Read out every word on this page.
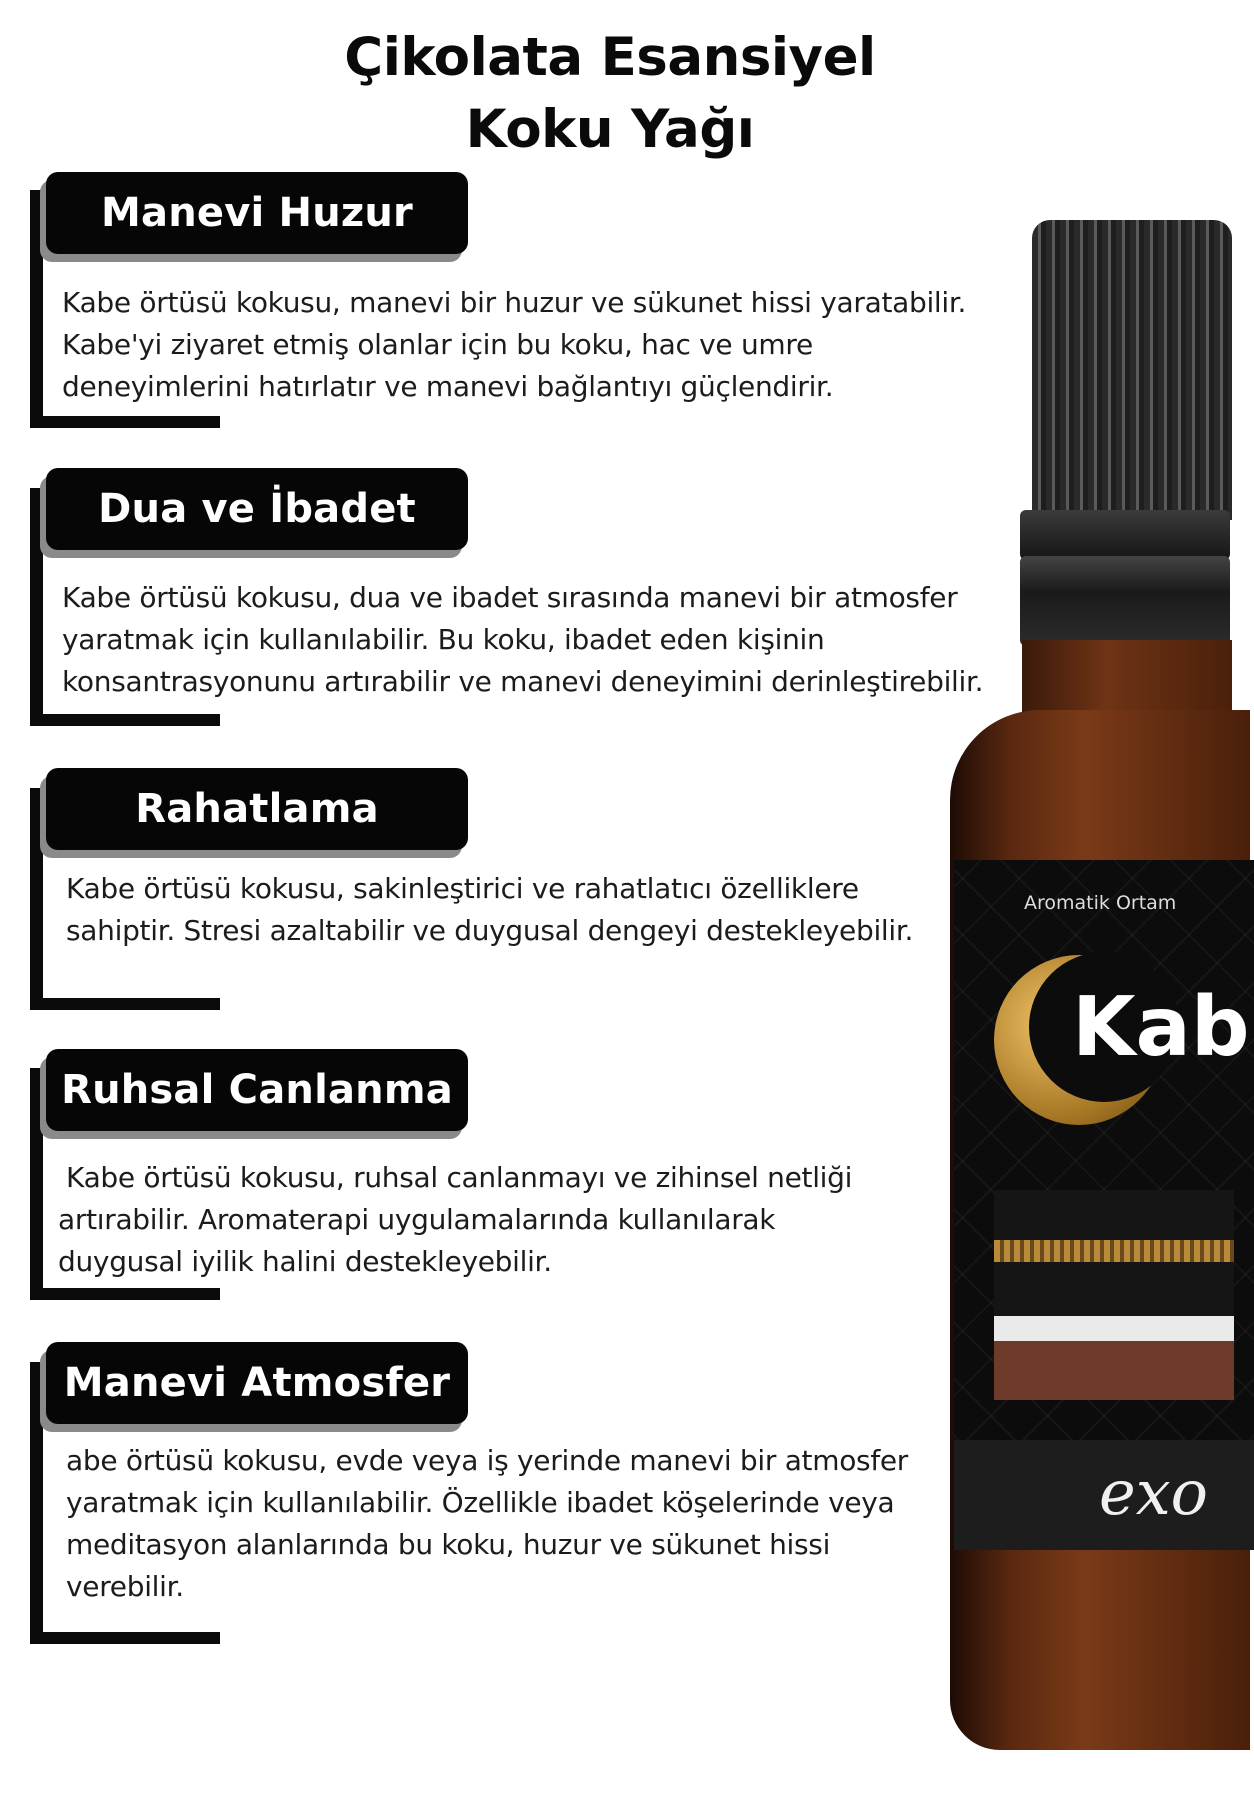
Çikolata Esansiyel
Koku Yağı
Manevi Huzur
Kabe örtüsü kokusu, manevi bir huzur ve sükunet hissi yaratabilir.
Kabe'yi ziyaret etmiş olanlar için bu koku, hac ve umre
deneyimlerini hatırlatır ve manevi bağlantıyı güçlendirir.
Dua ve İbadet
Kabe örtüsü kokusu, dua ve ibadet sırasında manevi bir atmosfer
yaratmak için kullanılabilir. Bu koku, ibadet eden kişinin
konsantrasyonunu artırabilir ve manevi deneyimini derinleştirebilir.
Rahatlama
Kabe örtüsü kokusu, sakinleştirici ve rahatlatıcı özelliklere
sahiptir. Stresi azaltabilir ve duygusal dengeyi destekleyebilir.
Ruhsal Canlanma
Kabe örtüsü kokusu, ruhsal canlanmayı ve zihinsel netliği
artırabilir. Aromaterapi uygulamalarında kullanılarak
duygusal iyilik halini destekleyebilir.
Manevi Atmosfer
abe örtüsü kokusu, evde veya iş yerinde manevi bir atmosfer
yaratmak için kullanılabilir. Özellikle ibadet köşelerinde veya
meditasyon alanlarında bu koku, huzur ve sükunet hissi
verebilir.
Aromatik Ortam
Kab
exo
